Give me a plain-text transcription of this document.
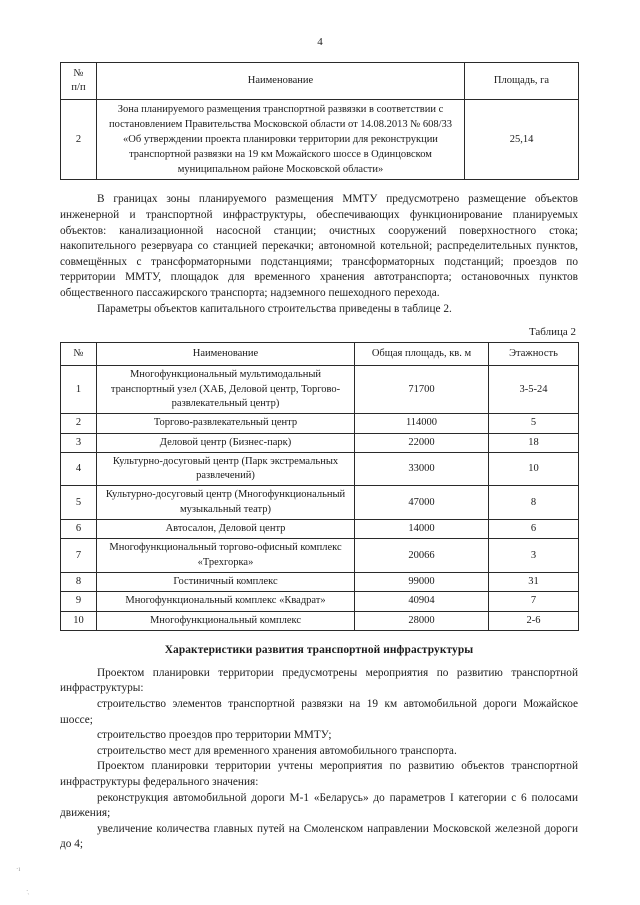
4
№
п/п	Наименование	Площадь, га
2	Зона планируемого размещения транспортной развязки в соответствии с постановлением Правительства Московской области от 14.08.2013 № 608/33 «Об утверждении проекта планировки территории для реконструкции транспортной развязки на 19 км Можайского шоссе в Одинцовском муниципальном районе Московской области»	25,14

В границах зоны планируемого размещения ММТУ предусмотрено размещение объектов инженерной и транспортной инфраструктуры, обеспечивающих функционирование планируемых объектов: канализационной насосной станции; очистных сооружений поверхностного стока; накопительного резервуара со станцией перекачки; автономной котельной; распределительных пунктов, совмещённых с трансформаторными подстанциями; трансформаторных подстанций; проездов по территории ММТУ, площадок для временного хранения автотранспорта; остановочных пунктов общественного пассажирского транспорта; надземного пешеходного перехода.

Параметры объектов капитального строительства приведены в таблице 2.

Таблица 2

№	Наименование	Общая площадь, кв. м	Этажность
1	Многофункциональный мультимодальный транспортный узел (ХАБ, Деловой центр, Торгово-развлекательный центр)	71700	3-5-24
2	Торгово-развлекательный центр	114000	5
3	Деловой центр (Бизнес-парк)	22000	18
4	Культурно-досуговый центр (Парк экстремальных развлечений)	33000	10
5	Культурно-досуговый центр (Многофункциональный музыкальный театр)	47000	8
6	Автосалон, Деловой центр	14000	6
7	Многофункциональный торгово-офисный комплекс «Трехгорка»	20066	3
8	Гостиничный комплекс	99000	31
9	Многофункциональный комплекс «Квадрат»	40904	7
10	Многофункциональный комплекс	28000	2-6

Характеристики развития транспортной инфраструктуры

Проектом планировки территории предусмотрены мероприятия по развитию транспортной инфраструктуры:

строительство элементов транспортной развязки на 19 км автомобильной дороги Можайское шоссе;

строительство проездов про территории ММТУ;

строительство мест для временного хранения автомобильного транспорта.

Проектом планировки территории учтены мероприятия по развитию объектов транспортной инфраструктуры федерального значения:

реконструкция автомобильной дороги М-1 «Беларусь» до параметров I категории с 6 полосами движения;

увеличение количества главных путей на Смоленском направлении Московской железной дороги до 4;

·ı
·̖
